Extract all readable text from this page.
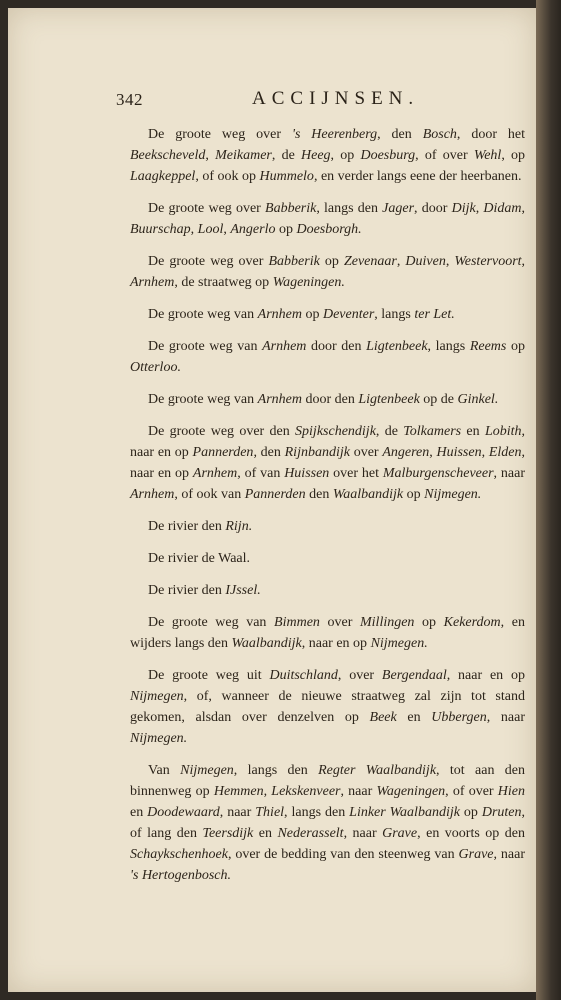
342	ACCIJNSEN.

De groote weg over 's Heerenberg, den Bosch, door het Beekscheveld, Meikamer, de Heeg, op Doesburg, of over Wehl, op Laagkeppel, of ook op Hummelo, en verder langs eene der heerbanen.

De groote weg over Babberik, langs den Jager, door Dijk, Didam, Buurschap, Lool, Angerlo op Doesborgh.

De groote weg over Babberik op Zevenaar, Duiven, Westervoort, Arnhem, de straatweg op Wageningen.

De groote weg van Arnhem op Deventer, langs ter Let.

De groote weg van Arnhem door den Ligtenbeek, langs Reems op Otterloo.

De groote weg van Arnhem door den Ligtenbeek op de Ginkel.

De groote weg over den Spijkschendijk, de Tolkamers en Lobith, naar en op Pannerden, den Rijnbandijk over Angeren, Huissen, Elden, naar en op Arnhem, of van Huissen over het Malburgenscheveer, naar Arnhem, of ook van Pannerden den Waalbandijk op Nijmegen.

De rivier den Rijn.

De rivier de Waal.

De rivier den IJssel.

De groote weg van Bimmen over Millingen op Kekerdom, en wijders langs den Waalbandijk, naar en op Nijmegen.

De groote weg uit Duitschland, over Bergendaal, naar en op Nijmegen, of, wanneer de nieuwe straatweg zal zijn tot stand gekomen, alsdan over denzelven op Beek en Ubbergen, naar Nijmegen.

Van Nijmegen, langs den Regter Waalbandijk, tot aan den binnenweg op Hemmen, Lekskenveer, naar Wageningen, of over Hien en Doodewaard, naar Thiel, langs den Linker Waalbandijk op Druten, of lang den Teersdijk en Nederasselt, naar Grave, en voorts op den Schaykschenhoek, over de bedding van den steenweg van Grave, naar 's Hertogenbosch.
